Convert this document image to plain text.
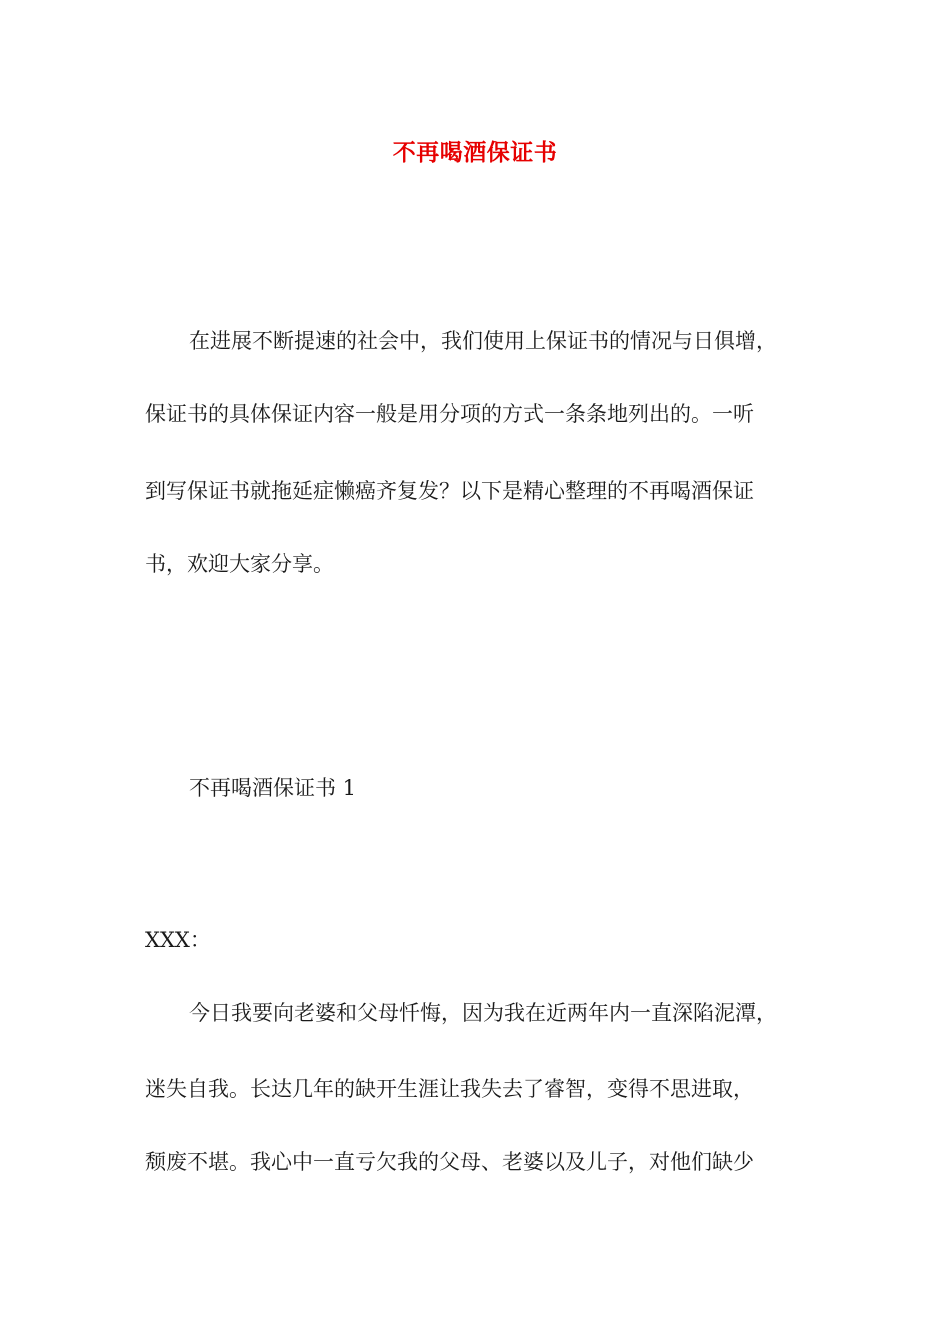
不再喝酒保证书
在进展不断提速的社会中，我们使用上保证书的情况与日俱增，
保证书的具体保证内容一般是用分项的方式一条条地列出的。一听
到写保证书就拖延症懒癌齐复发？以下是精心整理的不再喝酒保证
书，欢迎大家分享。
不再喝酒保证书 1
XXX：
今日我要向老婆和父母忏悔，因为我在近两年内一直深陷泥潭，
迷失自我。长达几年的缺开生涯让我失去了睿智，变得不思进取，
颓废不堪。我心中一直亏欠我的父母、老婆以及儿子，对他们缺少
